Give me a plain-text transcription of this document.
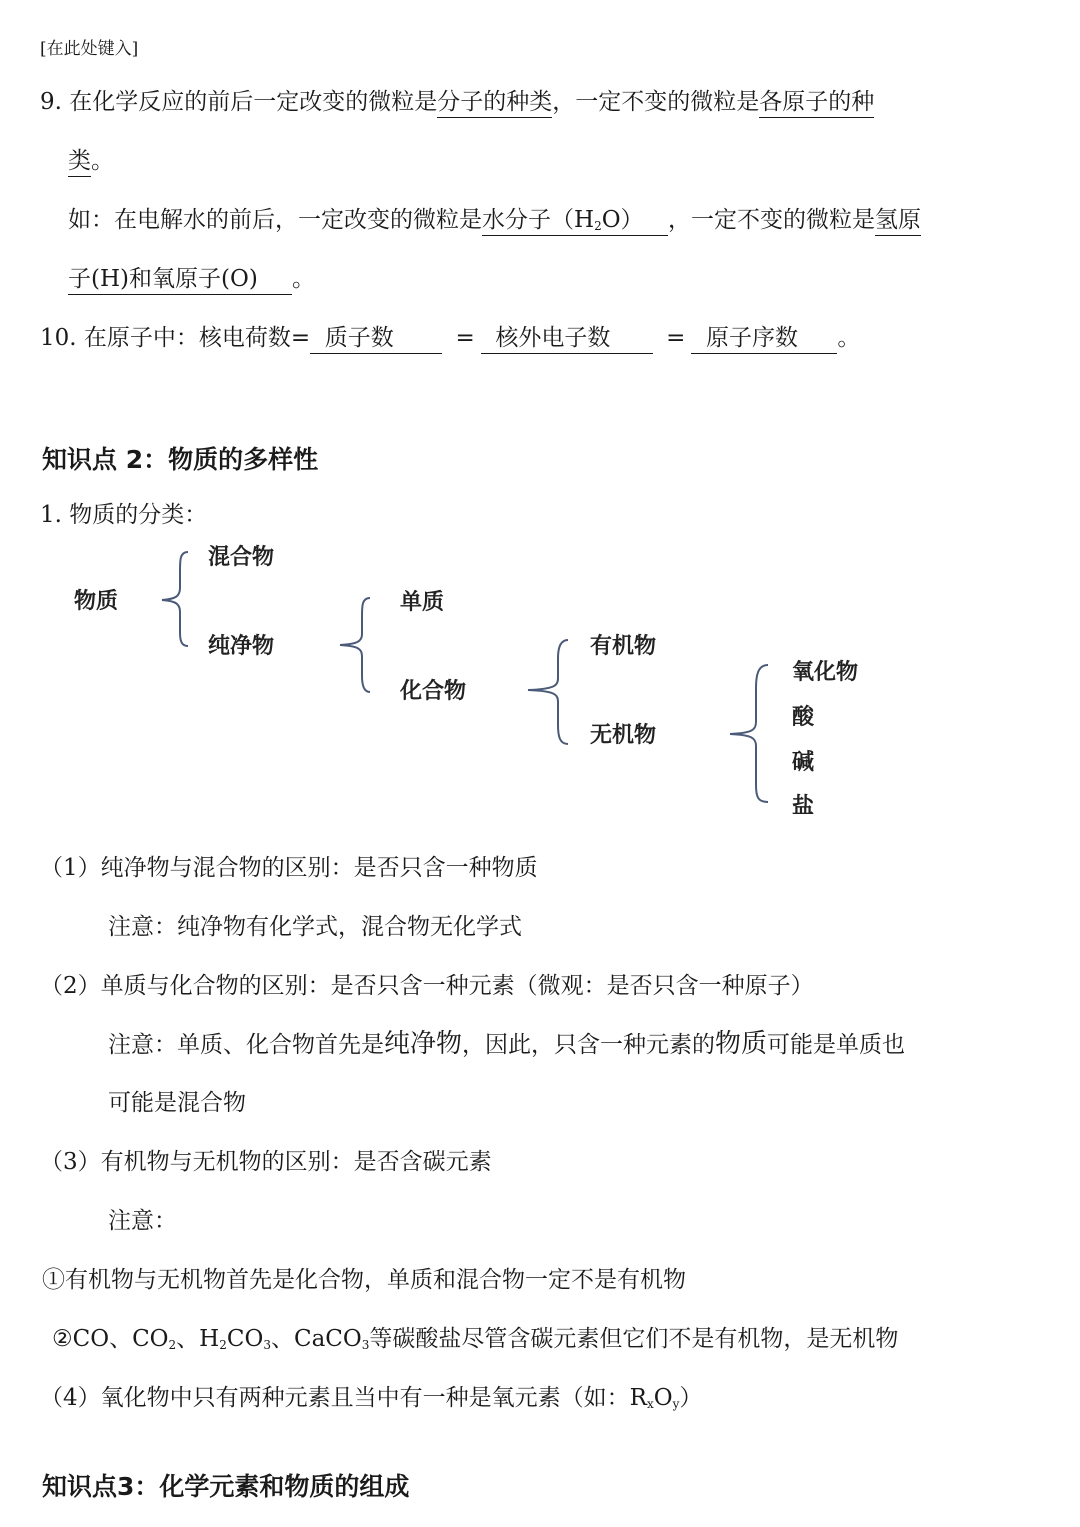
[在此处键入]
9. 在化学反应的前后一定改变的微粒是分子的种类，一定不变的微粒是各原子的种
类。
如：在电解水的前后，一定改变的微粒是水分子$(H_2O)$ ，一定不变的微粒是氢原
子(H)和氧原子(O) 。
10. 在原子中：核电荷数=  质子数   =  核外电子数   =  原子序数  。
知识点 2：物质的多样性
1. 物质的分类：
物质
混合物
纯净物
单质
化合物
有机物
无机物
氧化物
酸
碱
盐
（1）纯净物与混合物的区别：是否只含一种物质
注意：纯净物有化学式，混合物无化学式
（2）单质与化合物的区别：是否只含一种元素（微观：是否只含一种原子）
注意：单质、化合物首先是纯净物，因此，只含一种元素的物质可能是单质也
可能是混合物
（3）有机物与无机物的区别：是否含碳元素
注意：
①有机物与无机物首先是化合物，单质和混合物一定不是有机物
②CO、$CO_2$、$H_2CO_3$、CaCO$_3$等碳酸盐尽管含碳元素但它们不是有机物，是无机物
（4）氧化物中只有两种元素且当中有一种是氧元素（如：$R_xO_y$）
知识点3：化学元素和物质的组成
